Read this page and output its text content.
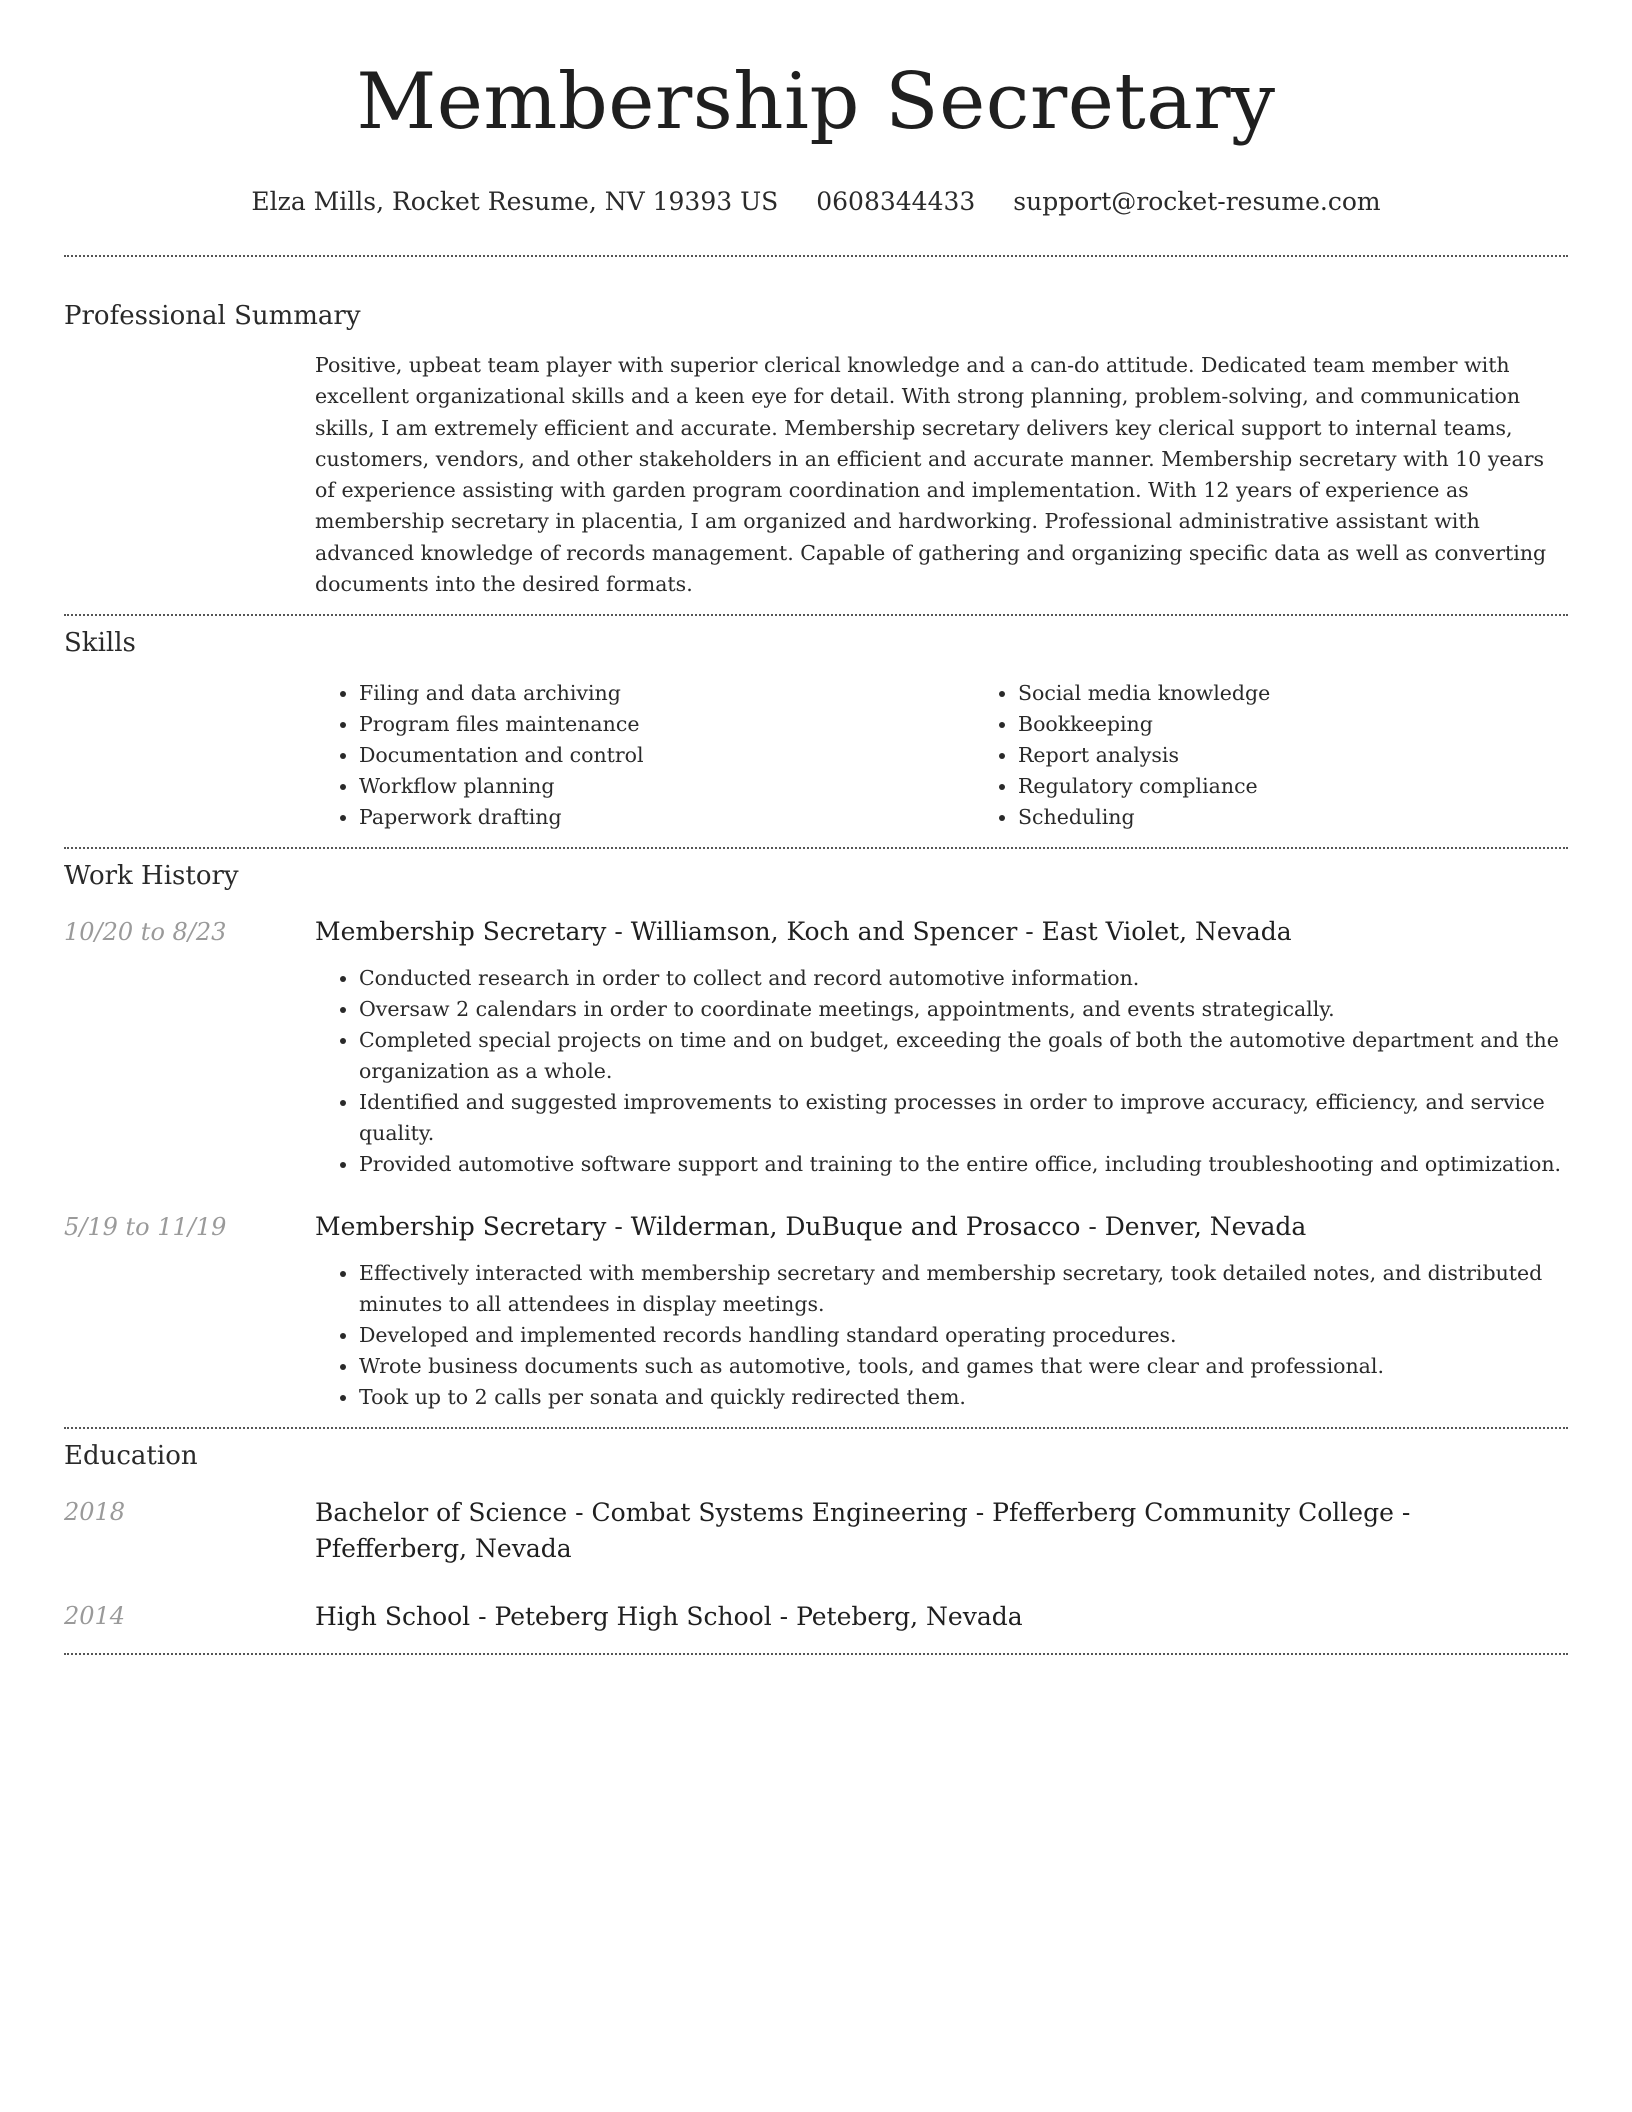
Membership Secretary
Elza Mills, Rocket Resume, NV 19393 US 0608344433 support@rocket-resume.com
Professional Summary

Positive, upbeat team player with superior clerical knowledge and a can-do attitude. Dedicated team member with excellent organizational skills and a keen eye for detail. With strong planning, problem-solving, and communication skills, I am extremely efficient and accurate. Membership secretary delivers key clerical support to internal teams, customers, vendors, and other stakeholders in an efficient and accurate manner. Membership secretary with 10 years of experience assisting with garden program coordination and implementation. With 12 years of experience as membership secretary in placentia, I am organized and hardworking. Professional administrative assistant with advanced knowledge of records management. Capable of gathering and organizing specific data as well as converting documents into the desired formats.

Skills
• Filing and data archiving
• Program files maintenance
• Documentation and control
• Workflow planning
• Paperwork drafting
• Social media knowledge
• Bookkeeping
• Report analysis
• Regulatory compliance
• Scheduling
Work History
10/20 to 8/23	Membership Secretary - Williamson, Koch and Spencer - East Violet, Nevada

• Conducted research in order to collect and record automotive information.
• Oversaw 2 calendars in order to coordinate meetings, appointments, and events strategically.
• Completed special projects on time and on budget, exceeding the goals of both the automotive department and the organization as a whole.
• Identified and suggested improvements to existing processes in order to improve accuracy, efficiency, and service quality.
• Provided automotive software support and training to the entire office, including troubleshooting and optimization.
5/19 to 11/19	Membership Secretary - Wilderman, DuBuque and Prosacco - Denver, Nevada

• Effectively interacted with membership secretary and membership secretary, took detailed notes, and distributed minutes to all attendees in display meetings.
• Developed and implemented records handling standard operating procedures.
• Wrote business documents such as automotive, tools, and games that were clear and professional.
• Took up to 2 calls per sonata and quickly redirected them.
Education
2018	Bachelor of Science - Combat Systems Engineering - Pfefferberg Community College - Pfefferberg, Nevada

2014	High School - Peteberg High School - Peteberg, Nevada
